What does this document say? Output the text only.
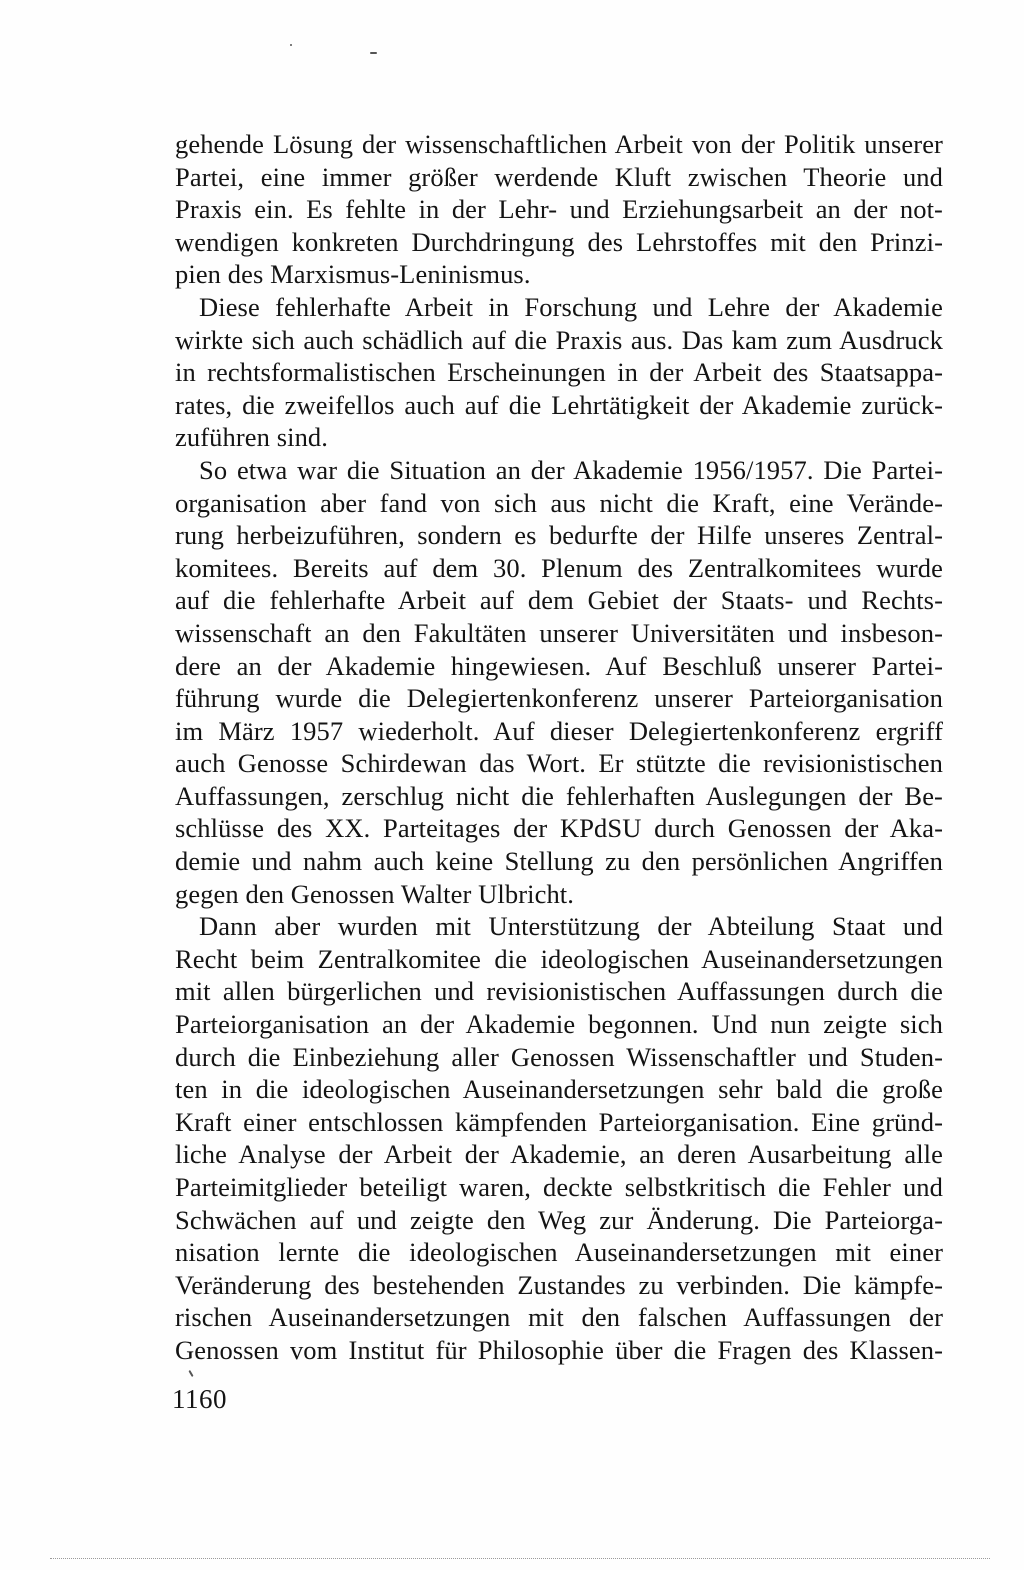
gehende Lösung der wissenschaftlichen Arbeit von der Politik unserer
Partei, eine immer größer werdende Kluft zwischen Theorie und
Praxis ein. Es fehlte in der Lehr- und Erziehungsarbeit an der not-
wendigen konkreten Durchdringung des Lehrstoffes mit den Prinzi-
pien des Marxismus-Leninismus.
Diese fehlerhafte Arbeit in Forschung und Lehre der Akademie
wirkte sich auch schädlich auf die Praxis aus. Das kam zum Ausdruck
in rechtsformalistischen Erscheinungen in der Arbeit des Staatsappa-
rates, die zweifellos auch auf die Lehrtätigkeit der Akademie zurück-
zuführen sind.
So etwa war die Situation an der Akademie 1956/1957. Die Partei-
organisation aber fand von sich aus nicht die Kraft, eine Verände-
rung herbeizuführen, sondern es bedurfte der Hilfe unseres Zentral-
komitees. Bereits auf dem 30. Plenum des Zentralkomitees wurde
auf die fehlerhafte Arbeit auf dem Gebiet der Staats- und Rechts-
wissenschaft an den Fakultäten unserer Universitäten und insbeson-
dere an der Akademie hingewiesen. Auf Beschluß unserer Partei-
führung wurde die Delegiertenkonferenz unserer Parteiorganisation
im März 1957 wiederholt. Auf dieser Delegiertenkonferenz ergriff
auch Genosse Schirdewan das Wort. Er stützte die revisionistischen
Auffassungen, zerschlug nicht die fehlerhaften Auslegungen der Be-
schlüsse des XX. Parteitages der KPdSU durch Genossen der Aka-
demie und nahm auch keine Stellung zu den persönlichen Angriffen
gegen den Genossen Walter Ulbricht.
Dann aber wurden mit Unterstützung der Abteilung Staat und
Recht beim Zentralkomitee die ideologischen Auseinandersetzungen
mit allen bürgerlichen und revisionistischen Auffassungen durch die
Parteiorganisation an der Akademie begonnen. Und nun zeigte sich
durch die Einbeziehung aller Genossen Wissenschaftler und Studen-
ten in die ideologischen Auseinandersetzungen sehr bald die große
Kraft einer entschlossen kämpfenden Parteiorganisation. Eine gründ-
liche Analyse der Arbeit der Akademie, an deren Ausarbeitung alle
Parteimitglieder beteiligt waren, deckte selbstkritisch die Fehler und
Schwächen auf und zeigte den Weg zur Änderung. Die Parteiorga-
nisation lernte die ideologischen Auseinandersetzungen mit einer
Veränderung des bestehenden Zustandes zu verbinden. Die kämpfe-
rischen Auseinandersetzungen mit den falschen Auffassungen der
Genossen vom Institut für Philosophie über die Fragen des Klassen-
1160
